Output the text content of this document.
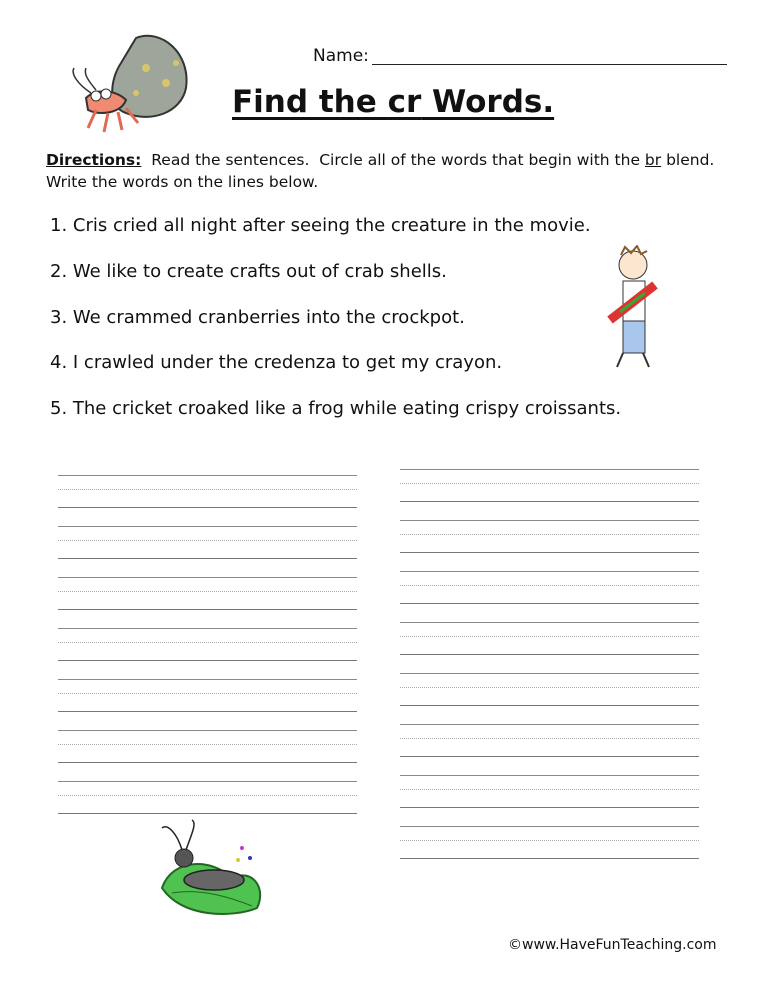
Name:
Find the cr Words.
Directions:  Read the sentences.  Circle all of the words that begin with the br blend.  Write the words on the lines below.
1. Cris cried all night after seeing the creature in the movie.
2. We like to create crafts out of crab shells.
3. We crammed cranberries into the crockpot.
4. I crawled under the credenza to get my crayon.
5. The cricket croaked like a frog while eating crispy croissants.
©www.HaveFunTeaching.com
